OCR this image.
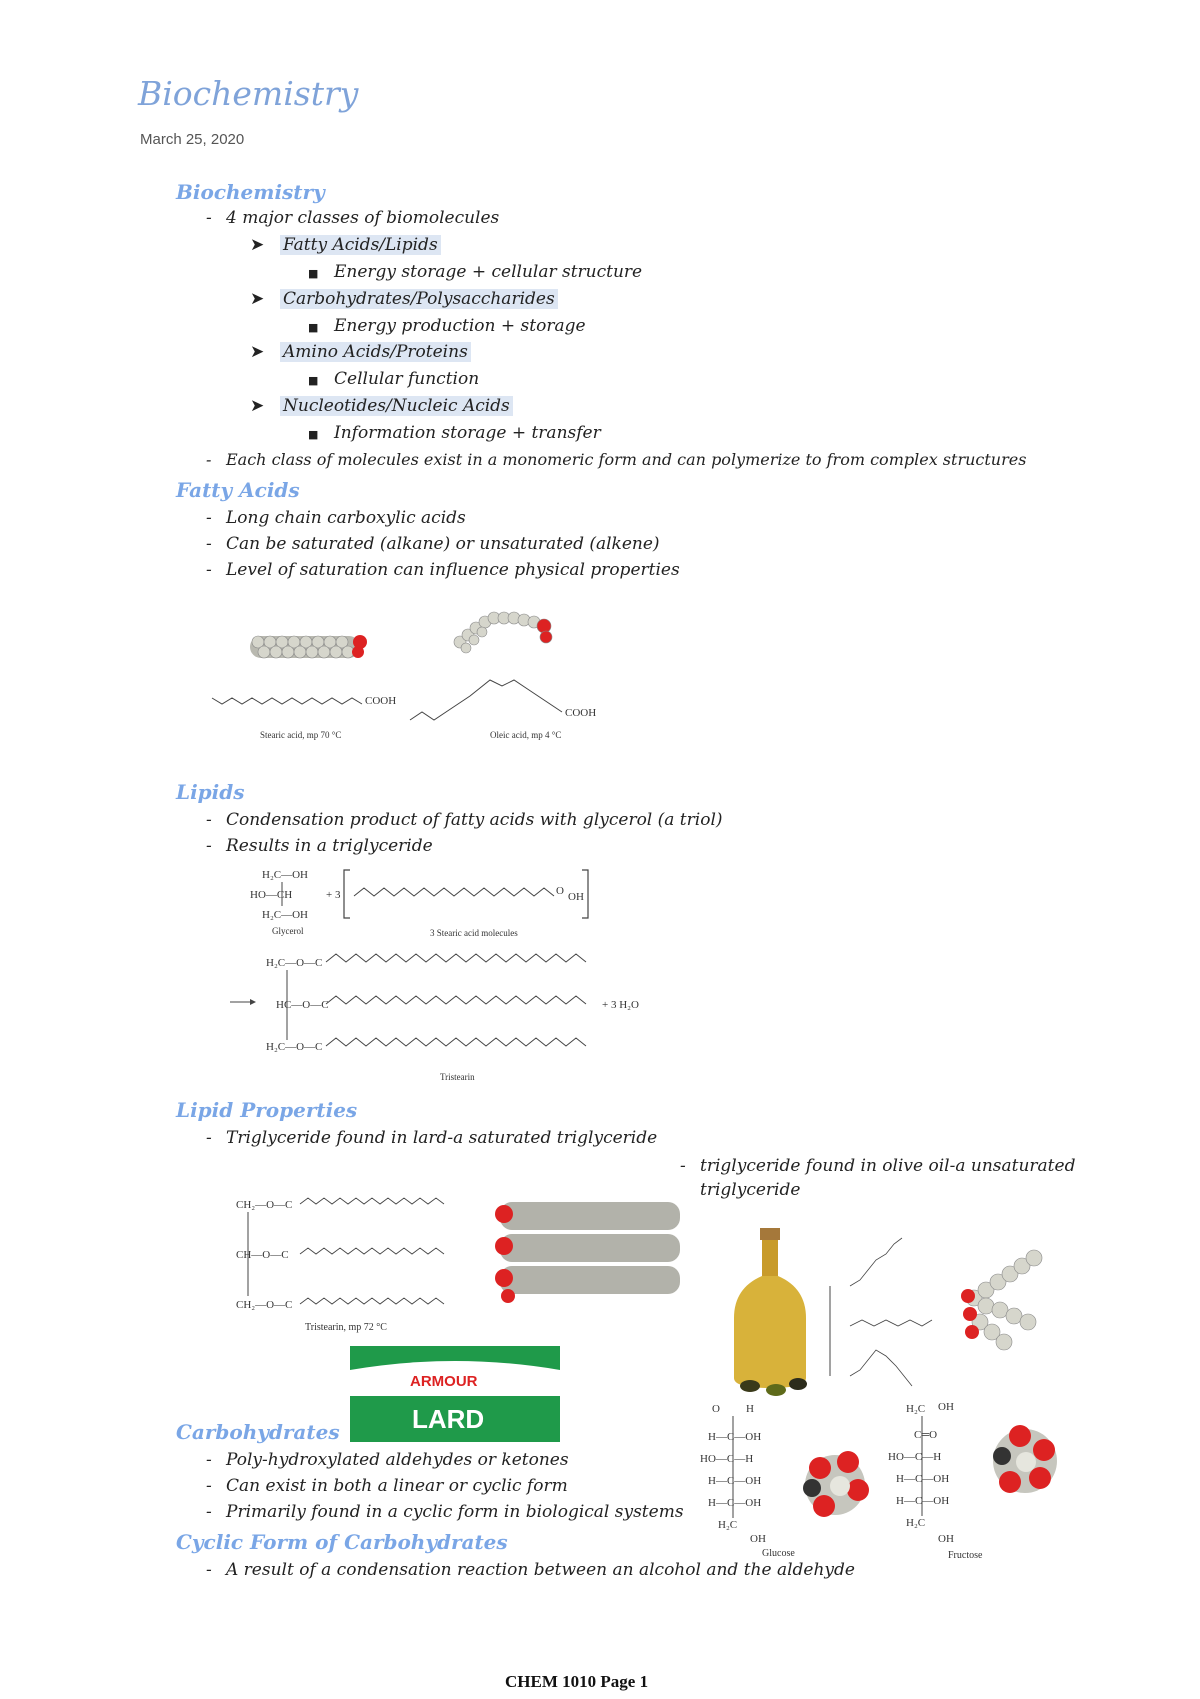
Biochemistry
March 25, 2020
Biochemistry
- 4 major classes of biomolecules
➤ Fatty Acids/Lipids
■ Energy storage + cellular structure
➤ Carbohydrates/Polysaccharides
■ Energy production + storage
➤ Amino Acids/Proteins
■ Cellular function
➤ Nucleotides/Nucleic Acids
■ Information storage + transfer
- Each class of molecules exist in a monomeric form and can polymerize to from complex structures
Fatty Acids
- Long chain carboxylic acids
- Can be saturated (alkane) or unsaturated (alkene)
- Level of saturation can influence physical properties
COOH
Stearic acid, mp 70 °C
COOH
Oleic acid, mp 4 °C
Lipids
- Condensation product of fatty acids with glycerol (a triol)
- Results in a triglyceride
H₂C—OH
HO—CH
H₂C—OH
Glycerol
+ 3	O OH
3 Stearic acid molecules
H₂C—O—C
HC—O—C
H₂C—O—C
+ 3 H₂O
Tristearin
Lipid Properties
- Triglyceride found in lard-a saturated triglyceride
- triglyceride found in olive oil-a unsaturated
triglyceride
CH₂—O—C
CH—O—C
CH₂—O—C
Tristearin, mp 72 °C
ARMOUR
LARD
Carbohydrates
- Poly-hydroxylated aldehydes or ketones
- Can exist in both a linear or cyclic form
- Primarily found in a cyclic form in biological systems
O H
H—C—OH
HO—C—H
H—C—OH
H—C—OH
H₂C
OH
Glucose
H₂C OH
C═O
HO—C—H
H—C—OH
H—C—OH
H₂C
OH
Fructose
Cyclic Form of Carbohydrates
- A result of a condensation reaction between an alcohol and the aldehyde
CHEM 1010 Page 1
